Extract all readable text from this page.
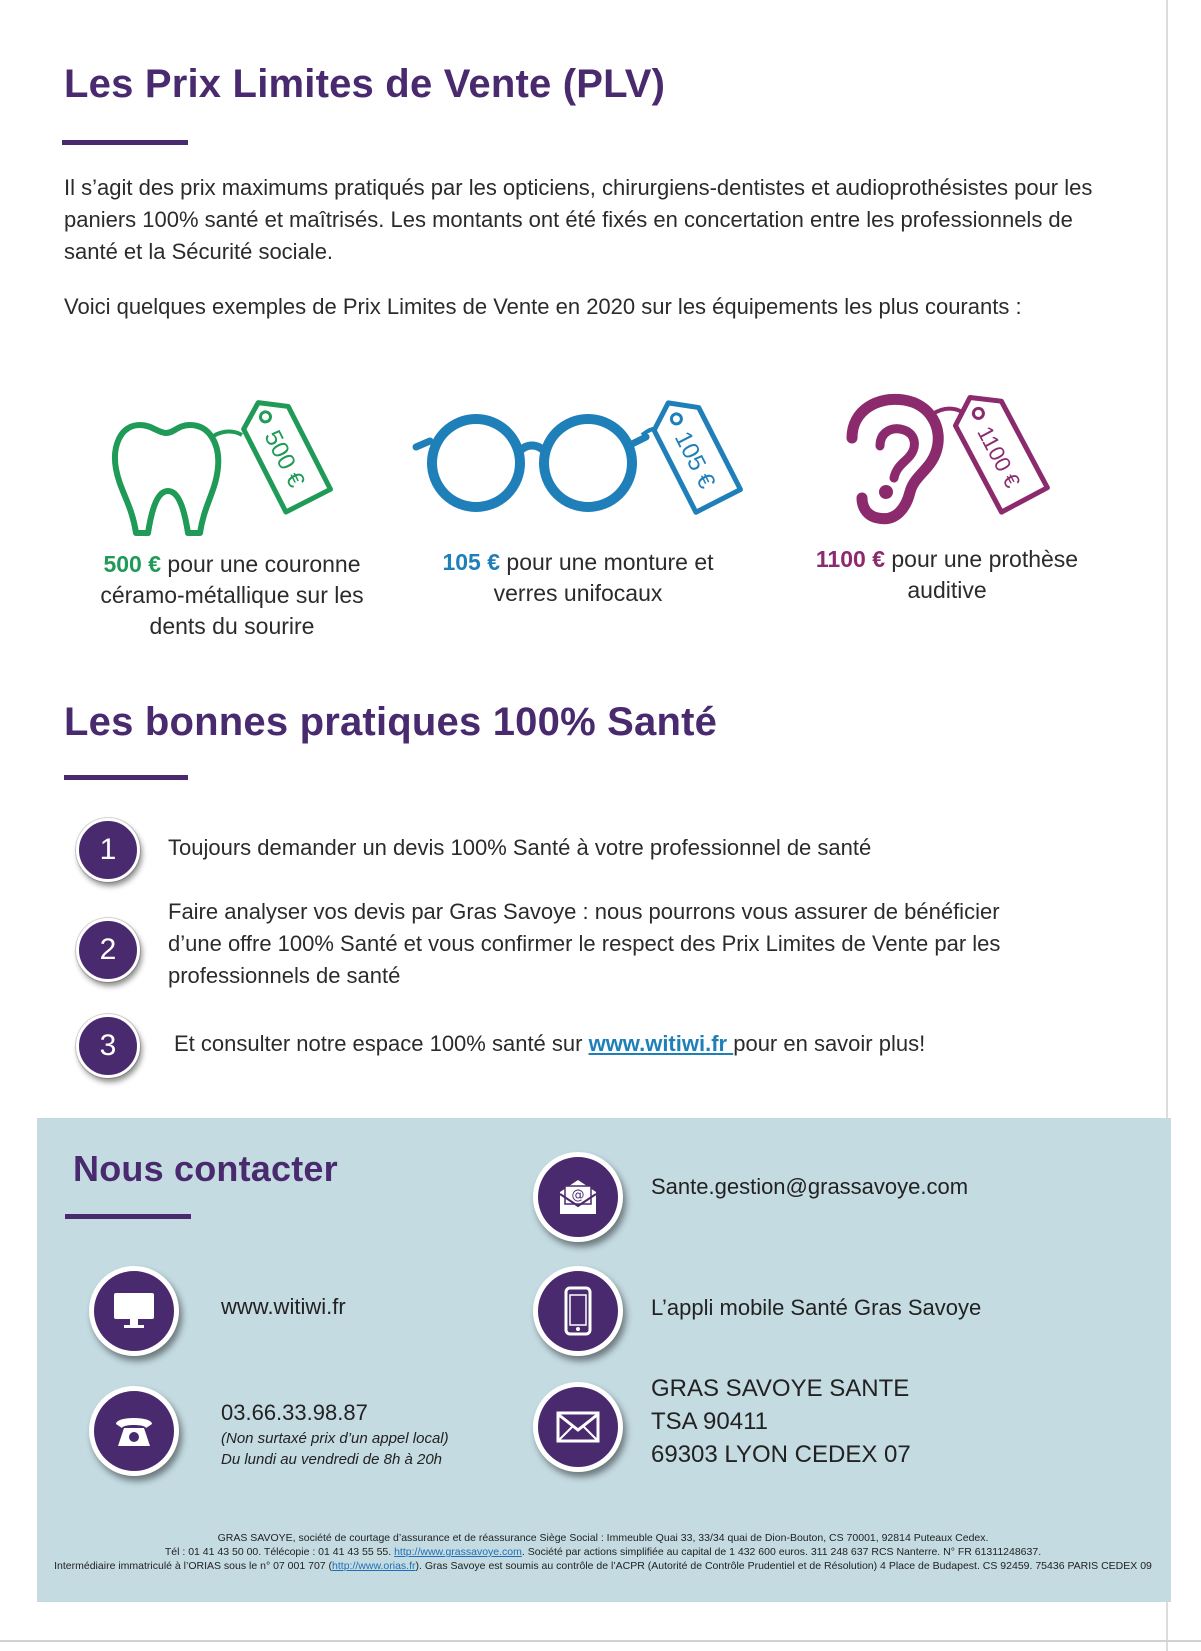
Les Prix Limites de Vente (PLV)

Il s’agit des prix maximums pratiqués par les opticiens, chirurgiens-dentistes et audioprothésistes pour les paniers 100% santé et maîtrisés. Les montants ont été fixés en concertation entre les professionnels de santé et la Sécurité sociale.

Voici quelques exemples de Prix Limites de Vente en 2020 sur les équipements les plus courants :

500 €
500 € pour une couronne céramo-métallique sur les dents du sourire
105 €
105 € pour une monture et verres unifocaux
1100 €
1100 € pour une prothèse auditive
Les bonnes pratiques 100% Santé
1	Toujours demander un devis 100% Santé à votre professionnel de santé
2
Faire analyser vos devis par Gras Savoye : nous pourrons vous assurer de bénéficier d’une offre 100% Santé et vous confirmer le respect des Prix Limites de Vente par les professionnels de santé
3	Et consulter notre espace 100% santé sur www.witiwi.fr pour en savoir plus!
Nous contacter
www.witiwi.fr
03.66.33.98.87
(Non surtaxé prix d’un appel local)
Du lundi au vendredi de 8h à 20h
@	Sante.gestion@grassavoye.com
L’appli mobile Santé Gras Savoye
GRAS SAVOYE SANTE
TSA 90411
69303 LYON CEDEX 07
GRAS SAVOYE, société de courtage d’assurance et de réassurance Siège Social : Immeuble Quai 33, 33/34 quai de Dion-Bouton, CS 70001, 92814 Puteaux Cedex.
Tél : 01 41 43 50 00. Télécopie : 01 41 43 55 55. http://www.grassavoye.com. Société par actions simplifiée au capital de 1 432 600 euros. 311 248 637 RCS Nanterre. N° FR 61311248637.
Intermédiaire immatriculé à l’ORIAS sous le n° 07 001 707 (http://www.orias.fr). Gras Savoye est soumis au contrôle de l’ACPR (Autorité de Contrôle Prudentiel et de Résolution) 4 Place de Budapest. CS 92459. 75436 PARIS CEDEX 09
